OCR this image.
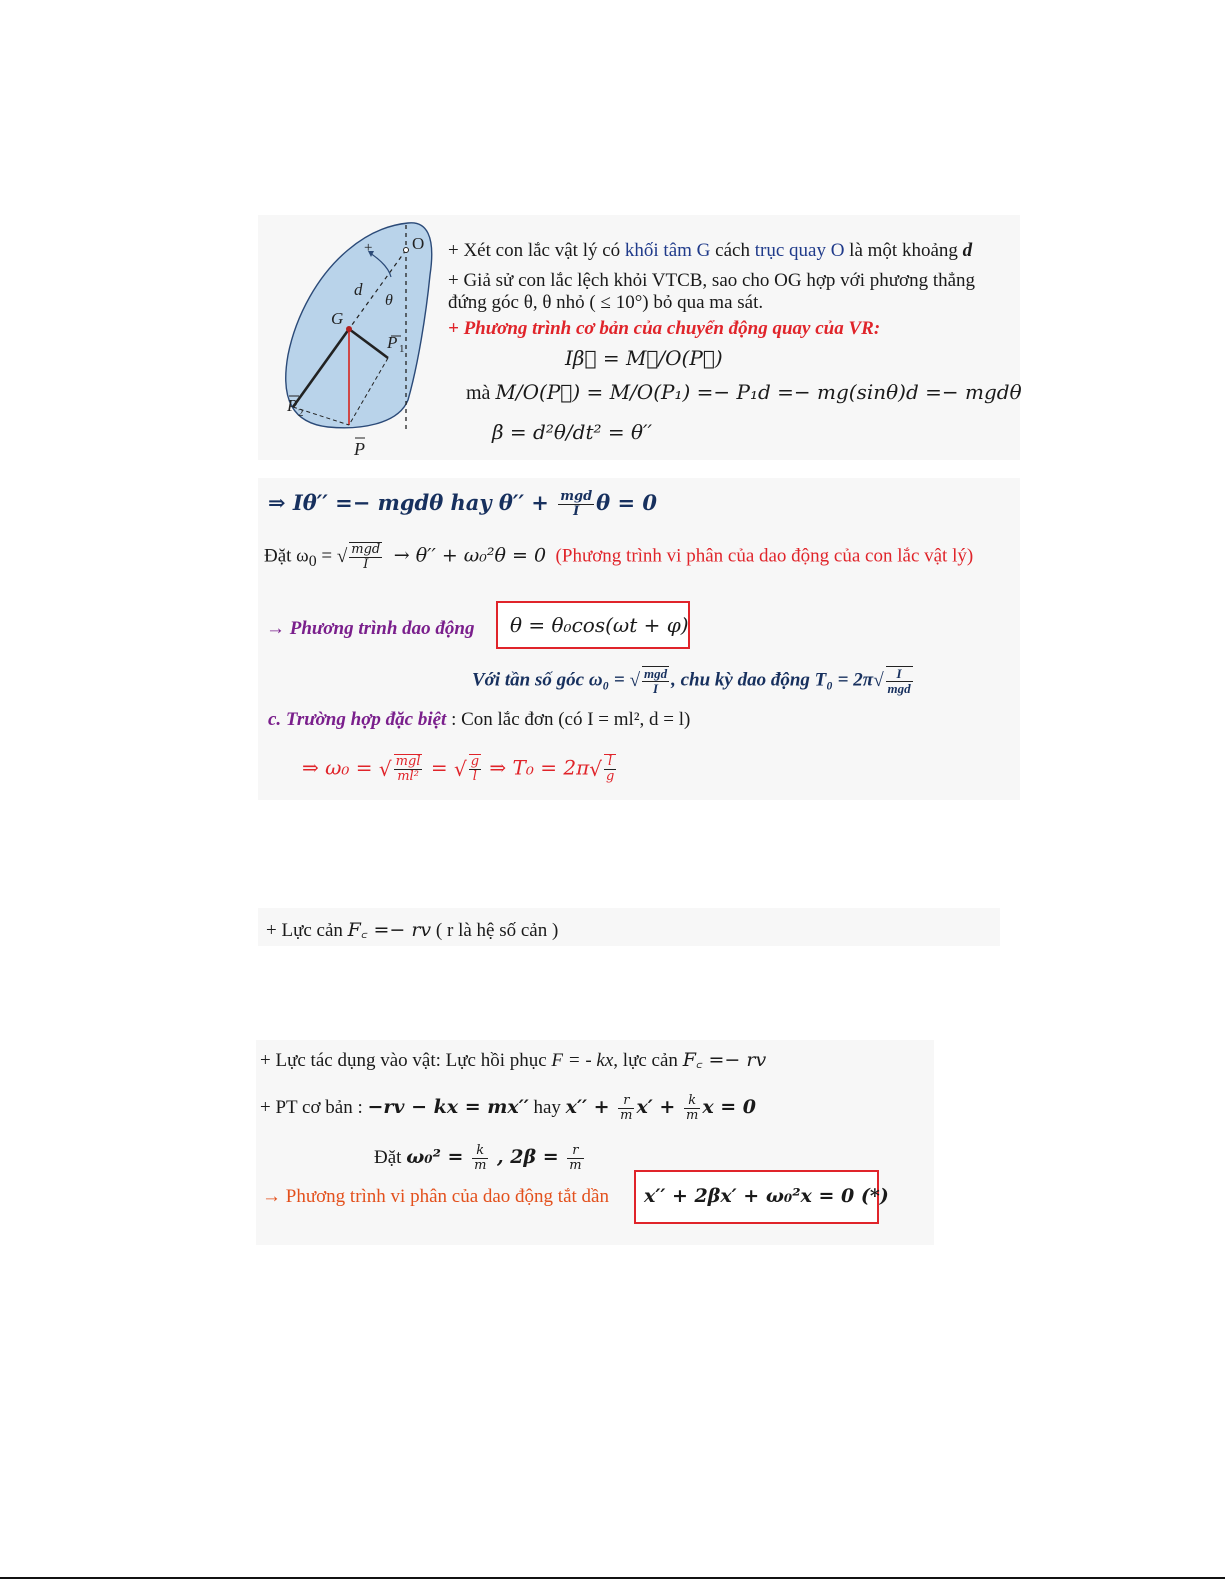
+ O
d
θ
G
P 1
P 2
P
+ Xét con lắc vật lý có khối tâm G cách trục quay O là một khoảng d
+ Giả sử con lắc lệch khỏi VTCB, sao cho OG hợp với phương thẳng
đứng góc θ, θ nhỏ ( ≤ 10°) bỏ qua ma sát.
+ Phương trình cơ bản của chuyển động quay của VR:
Iβ⃗ = M⃗/O(P⃗)
mà M/O(P⃗) = M/O(P₁) =− P₁d =− mg(sinθ)d =− mgdθ
β = d²θ/dt² = θ′′
⇒ Iθ′′ =− mgdθ hay $\theta'' + \frac{\text{mgd}}{I}$ θ = 0
Đặt $\omega_0$ = √ $\frac{\text{mgd}}{I} \to \theta'' + \omega_0^2\theta = 0$ (Phương trình vi phân của dao động của con lắc vật lý)
→ Phương trình dao động θ = θ₀cos(ωt + φ)
Với tần số góc ω₀ = √ $\frac{\text{mgd}}{I}$ , chu kỳ dao động $T_0 = 2\pi√ \frac{I}{\text{mgd}}$
c. Trường hợp đặc biệt : Con lắc đơn (có I = ml², d = l)
⇒ ω₀ = √ $\frac{\text{mgl}}{\text{ml²}}$ = √ $\frac{g}{l}$ ⇒ $T_0 = 2\pi√ \frac{l}{g}$
+ Lực cản F꜀ =− rv ( r là hệ số cản )
+ Lực tác dụng vào vật: Lực hồi phục F = - kx, lực cản F꜀ =− rv
+ PT cơ bản : −rv − kx = mx′′ hay $x'' + \frac{r}{m} x' + \frac{k}{m}$ x = 0
Đặt $\omega_0^2 = \frac{k}{m}$ , $2\beta = \frac{r}{m}$
→ Phương trình vi phân của dao động tắt dần x′′ + 2βx′ + ω₀²x = 0 (*)
